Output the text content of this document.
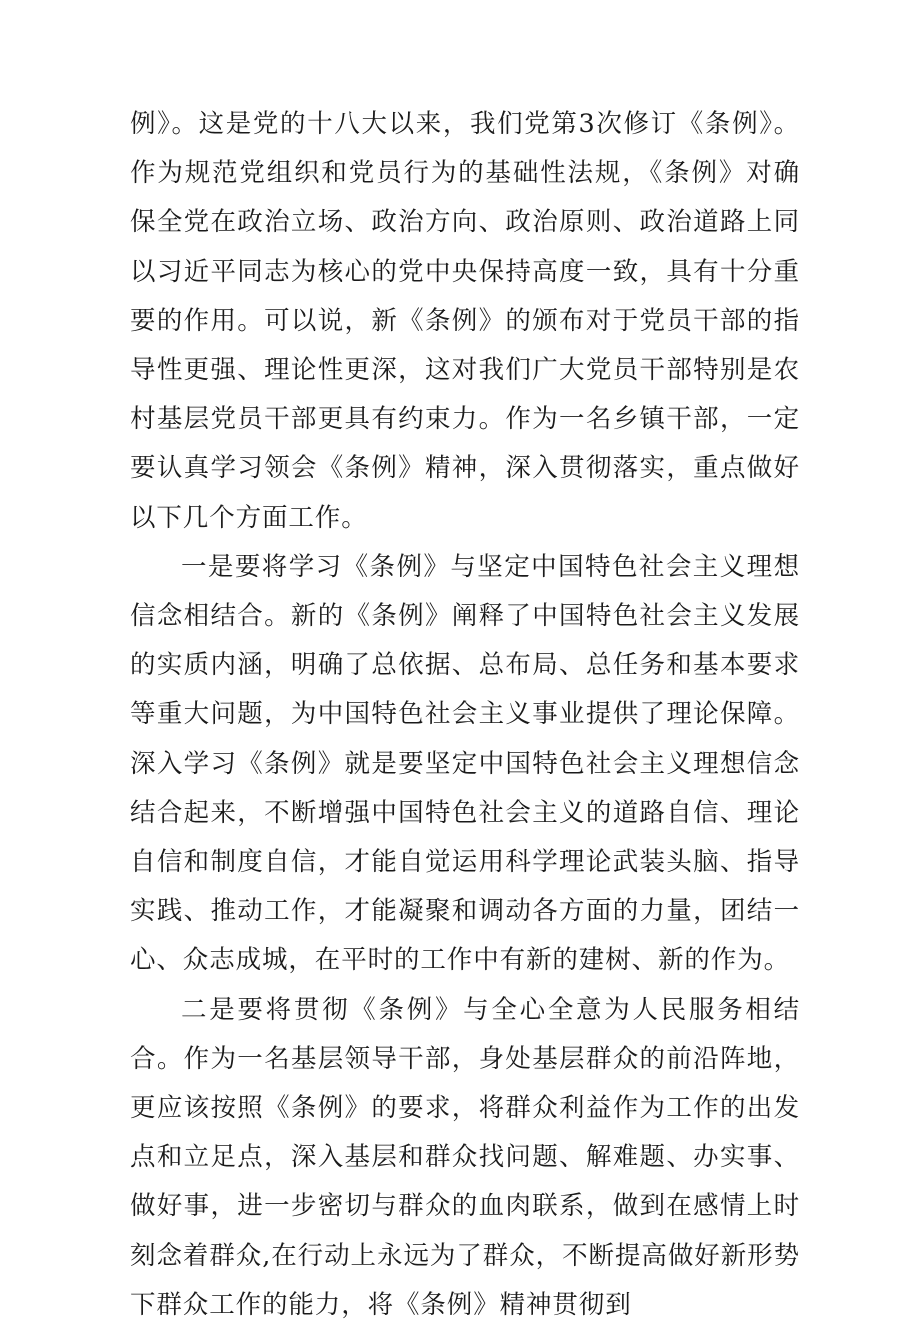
例》。这是党的十八大以来，我们党第3次修订《条例》。作为规范党组织和党员行为的基础性法规，《条例》对确保全党在政治立场、政治方向、政治原则、政治道路上同以习近平同志为核心的党中央保持高度一致，具有十分重要的作用。可以说，新《条例》的颁布对于党员干部的指导性更强、理论性更深，这对我们广大党员干部特别是农村基层党员干部更具有约束力。作为一名乡镇干部，一定要认真学习领会《条例》精神，深入贯彻落实，重点做好以下几个方面工作。

一是要将学习《条例》与坚定中国特色社会主义理想信念相结合。新的《条例》阐释了中国特色社会主义发展的实质内涵，明确了总依据、总布局、总任务和基本要求等重大问题，为中国特色社会主义事业提供了理论保障。深入学习《条例》就是要坚定中国特色社会主义理想信念结合起来，不断增强中国特色社会主义的道路自信、理论自信和制度自信，才能自觉运用科学理论武装头脑、指导实践、推动工作，才能凝聚和调动各方面的力量，团结一心、众志成城，在平时的工作中有新的建树、新的作为。

二是要将贯彻《条例》与全心全意为人民服务相结合。作为一名基层领导干部，身处基层群众的前沿阵地，更应该按照《条例》的要求，将群众利益作为工作的出发点和立足点，深入基层和群众找问题、解难题、办实事、做好事，进一步密切与群众的血肉联系，做到在感情上时刻念着群众,在行动上永远为了群众，不断提高做好新形势下群众工作的能力，将《条例》精神贯彻到
